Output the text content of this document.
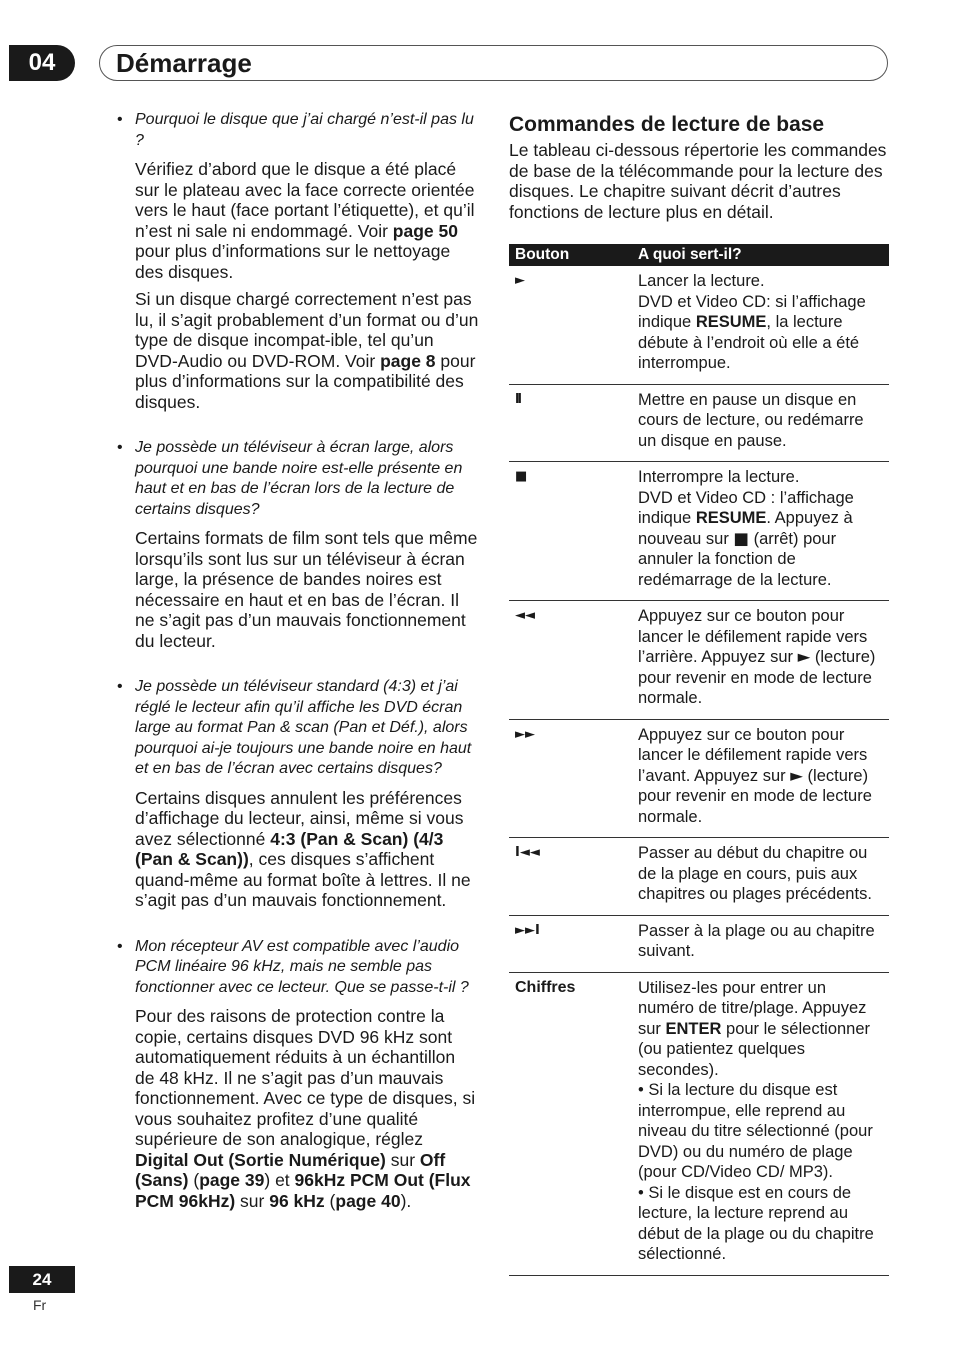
04	Démarrage
• Pourquoi le disque que j’ai chargé n’est-il pas lu ?
Vérifiez d’abord que le disque a été placé sur le plateau avec la face correcte orientée vers le haut (face portant l’étiquette), et qu’il n’est ni sale ni endommagé. Voir page 50 pour plus d’informations sur le nettoyage des disques.
Si un disque chargé correctement n’est pas lu, il s’agit probablement d’un format ou d’un type de disque incompat-ible, tel qu’un DVD-Audio ou DVD-ROM. Voir page 8 pour plus d’informations sur la compatibilité des disques.
• Je possède un téléviseur à écran large, alors pourquoi une bande noire est-elle présente en haut et en bas de l’écran lors de la lecture de certains disques?
Certains formats de film sont tels que même lorsqu’ils sont lus sur un téléviseur à écran large, la présence de bandes noires est nécessaire en haut et en bas de l’écran. Il ne s’agit pas d’un mauvais fonctionnement du lecteur.
• Je possède un téléviseur standard (4:3) et j’ai réglé le lecteur afin qu’il affiche les DVD écran large au format Pan & scan (Pan et Déf.), alors pourquoi ai-je toujours une bande noire en haut et en bas de l’écran avec certains disques?
Certains disques annulent les préférences d’affichage du lecteur, ainsi, même si vous avez sélectionné 4:3 (Pan & Scan) (4/3 (Pan & Scan)), ces disques s’affichent quand-même au format boîte à lettres. Il ne s’agit pas d’un mauvais fonctionnement.
• Mon récepteur AV est compatible avec l’audio PCM linéaire 96 kHz, mais ne semble pas fonctionner avec ce lecteur. Que se passe-t-il ?
Pour des raisons de protection contre la copie, certains disques DVD 96 kHz sont automatiquement réduits à un échantillon de 48 kHz. Il ne s’agit pas d’un mauvais fonctionnement. Avec ce type de disques, si vous souhaitez profitez d’une qualité supérieure de son analogique, réglez Digital Out (Sortie Numérique) sur Off (Sans) (page 39) et 96kHz PCM Out (Flux PCM 96kHz) sur 96 kHz (page 40).
Commandes de lecture de base
Le tableau ci-dessous répertorie les commandes de base de la télécommande pour la lecture des disques. Le chapitre suivant décrit d’autres fonctions de lecture plus en détail.
Bouton	A quoi sert-il?
►	Lancer la lecture.
DVD et Video CD: si l’affichage indique RESUME, la lecture débute à l’endroit où elle a été interrompue.
ll	Mettre en pause un disque en cours de lecture, ou redémarre un disque en pause.
■	Interrompre la lecture.
DVD et Video CD : l’affichage indique RESUME. Appuyez à nouveau sur ■ (arrêt) pour annuler la fonction de redémarrage de la lecture.
◄◄	Appuyez sur ce bouton pour lancer le défilement rapide vers l’arrière. Appuyez sur ► (lecture) pour revenir en mode de lecture normale.
►►	Appuyez sur ce bouton pour lancer le défilement rapide vers l’avant. Appuyez sur ► (lecture) pour revenir en mode de lecture normale.
I◄◄	Passer au début du chapitre ou de la plage en cours, puis aux chapitres ou plages précédents.
►►I	Passer à la plage ou au chapitre suivant.
Chiffres	Utilisez-les pour entrer un numéro de titre/plage. Appuyez sur ENTER pour le sélectionner (ou patientez quelques secondes).
• Si la lecture du disque est interrompue, elle reprend au niveau du titre sélectionné (pour DVD) ou du numéro de plage (pour CD/Video CD/ MP3).
• Si le disque est en cours de lecture, la lecture reprend au début de la plage ou du chapitre sélectionné.
24
Fr
